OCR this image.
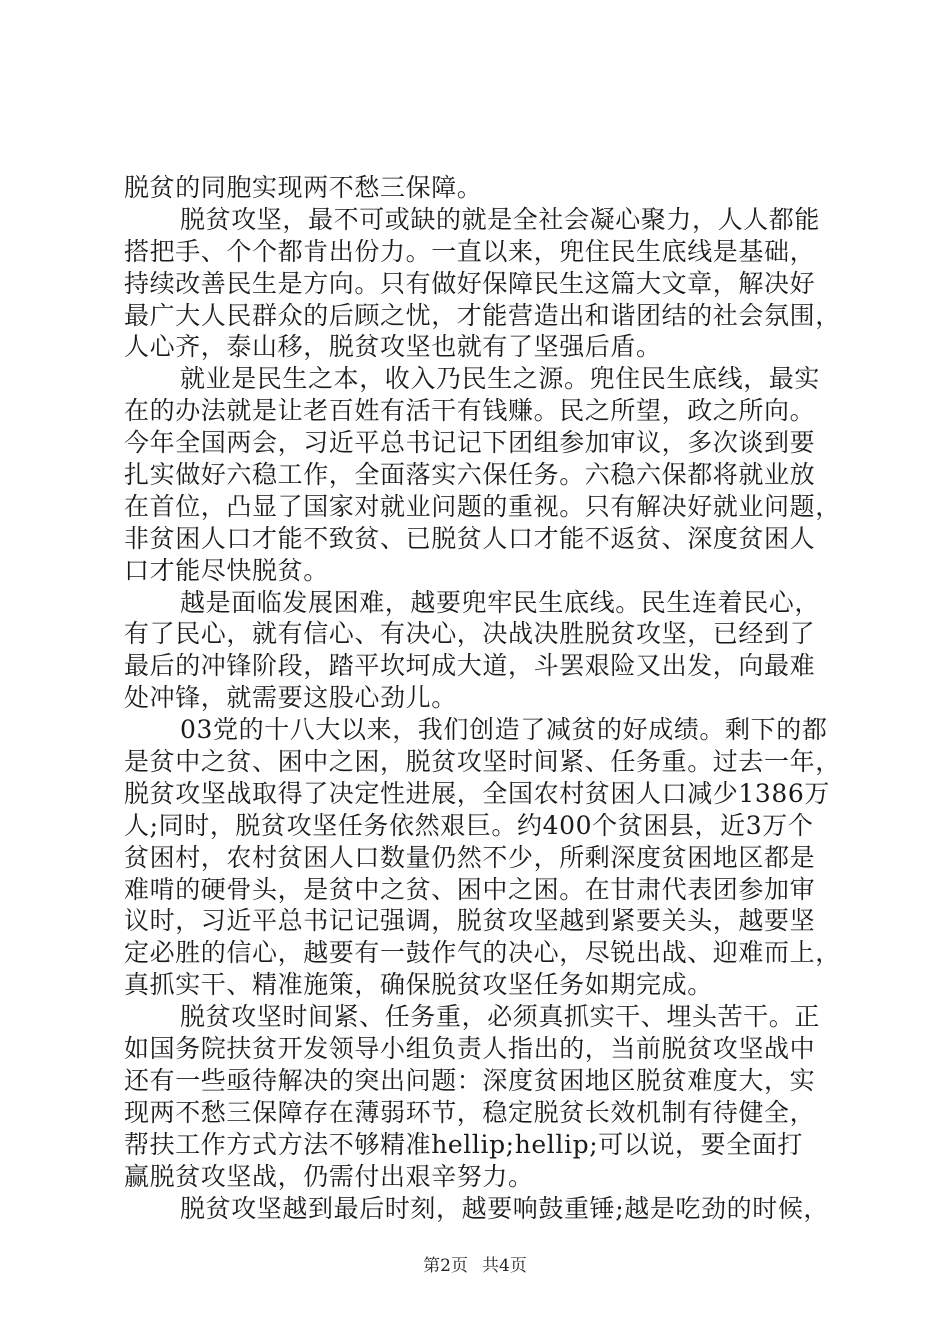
脱贫的同胞实现两不愁三保障。
脱贫攻坚，最不可或缺的就是全社会凝心聚力，人人都能
搭把手、个个都肯出份力。一直以来，兜住民生底线是基础，
持续改善民生是方向。只有做好保障民生这篇大文章，解决好
最广大人民群众的后顾之忧，才能营造出和谐团结的社会氛围，
人心齐，泰山移，脱贫攻坚也就有了坚强后盾。
就业是民生之本，收入乃民生之源。兜住民生底线，最实
在的办法就是让老百姓有活干有钱赚。民之所望，政之所向。
今年全国两会，习近平总书记记下团组参加审议，多次谈到要
扎实做好六稳工作，全面落实六保任务。六稳六保都将就业放
在首位，凸显了国家对就业问题的重视。只有解决好就业问题，
非贫困人口才能不致贫、已脱贫人口才能不返贫、深度贫困人
口才能尽快脱贫。
越是面临发展困难，越要兜牢民生底线。民生连着民心，
有了民心，就有信心、有决心，决战决胜脱贫攻坚，已经到了
最后的冲锋阶段，踏平坎坷成大道，斗罢艰险又出发，向最难
处冲锋，就需要这股心劲儿。
03党的十八大以来，我们创造了减贫的好成绩。剩下的都
是贫中之贫、困中之困，脱贫攻坚时间紧、任务重。过去一年，
脱贫攻坚战取得了决定性进展，全国农村贫困人口减少1386万
人;同时，脱贫攻坚任务依然艰巨。约400个贫困县，近3万个
贫困村，农村贫困人口数量仍然不少，所剩深度贫困地区都是
难啃的硬骨头，是贫中之贫、困中之困。在甘肃代表团参加审
议时，习近平总书记记强调，脱贫攻坚越到紧要关头，越要坚
定必胜的信心，越要有一鼓作气的决心，尽锐出战、迎难而上，
真抓实干、精准施策，确保脱贫攻坚任务如期完成。
脱贫攻坚时间紧、任务重，必须真抓实干、埋头苦干。正
如国务院扶贫开发领导小组负责人指出的，当前脱贫攻坚战中
还有一些亟待解决的突出问题：深度贫困地区脱贫难度大，实
现两不愁三保障存在薄弱环节，稳定脱贫长效机制有待健全，
帮扶工作方式方法不够精准hellip;hellip;可以说，要全面打
赢脱贫攻坚战，仍需付出艰辛努力。
脱贫攻坚越到最后时刻，越要响鼓重锤;越是吃劲的时候，
第2页 共4页
